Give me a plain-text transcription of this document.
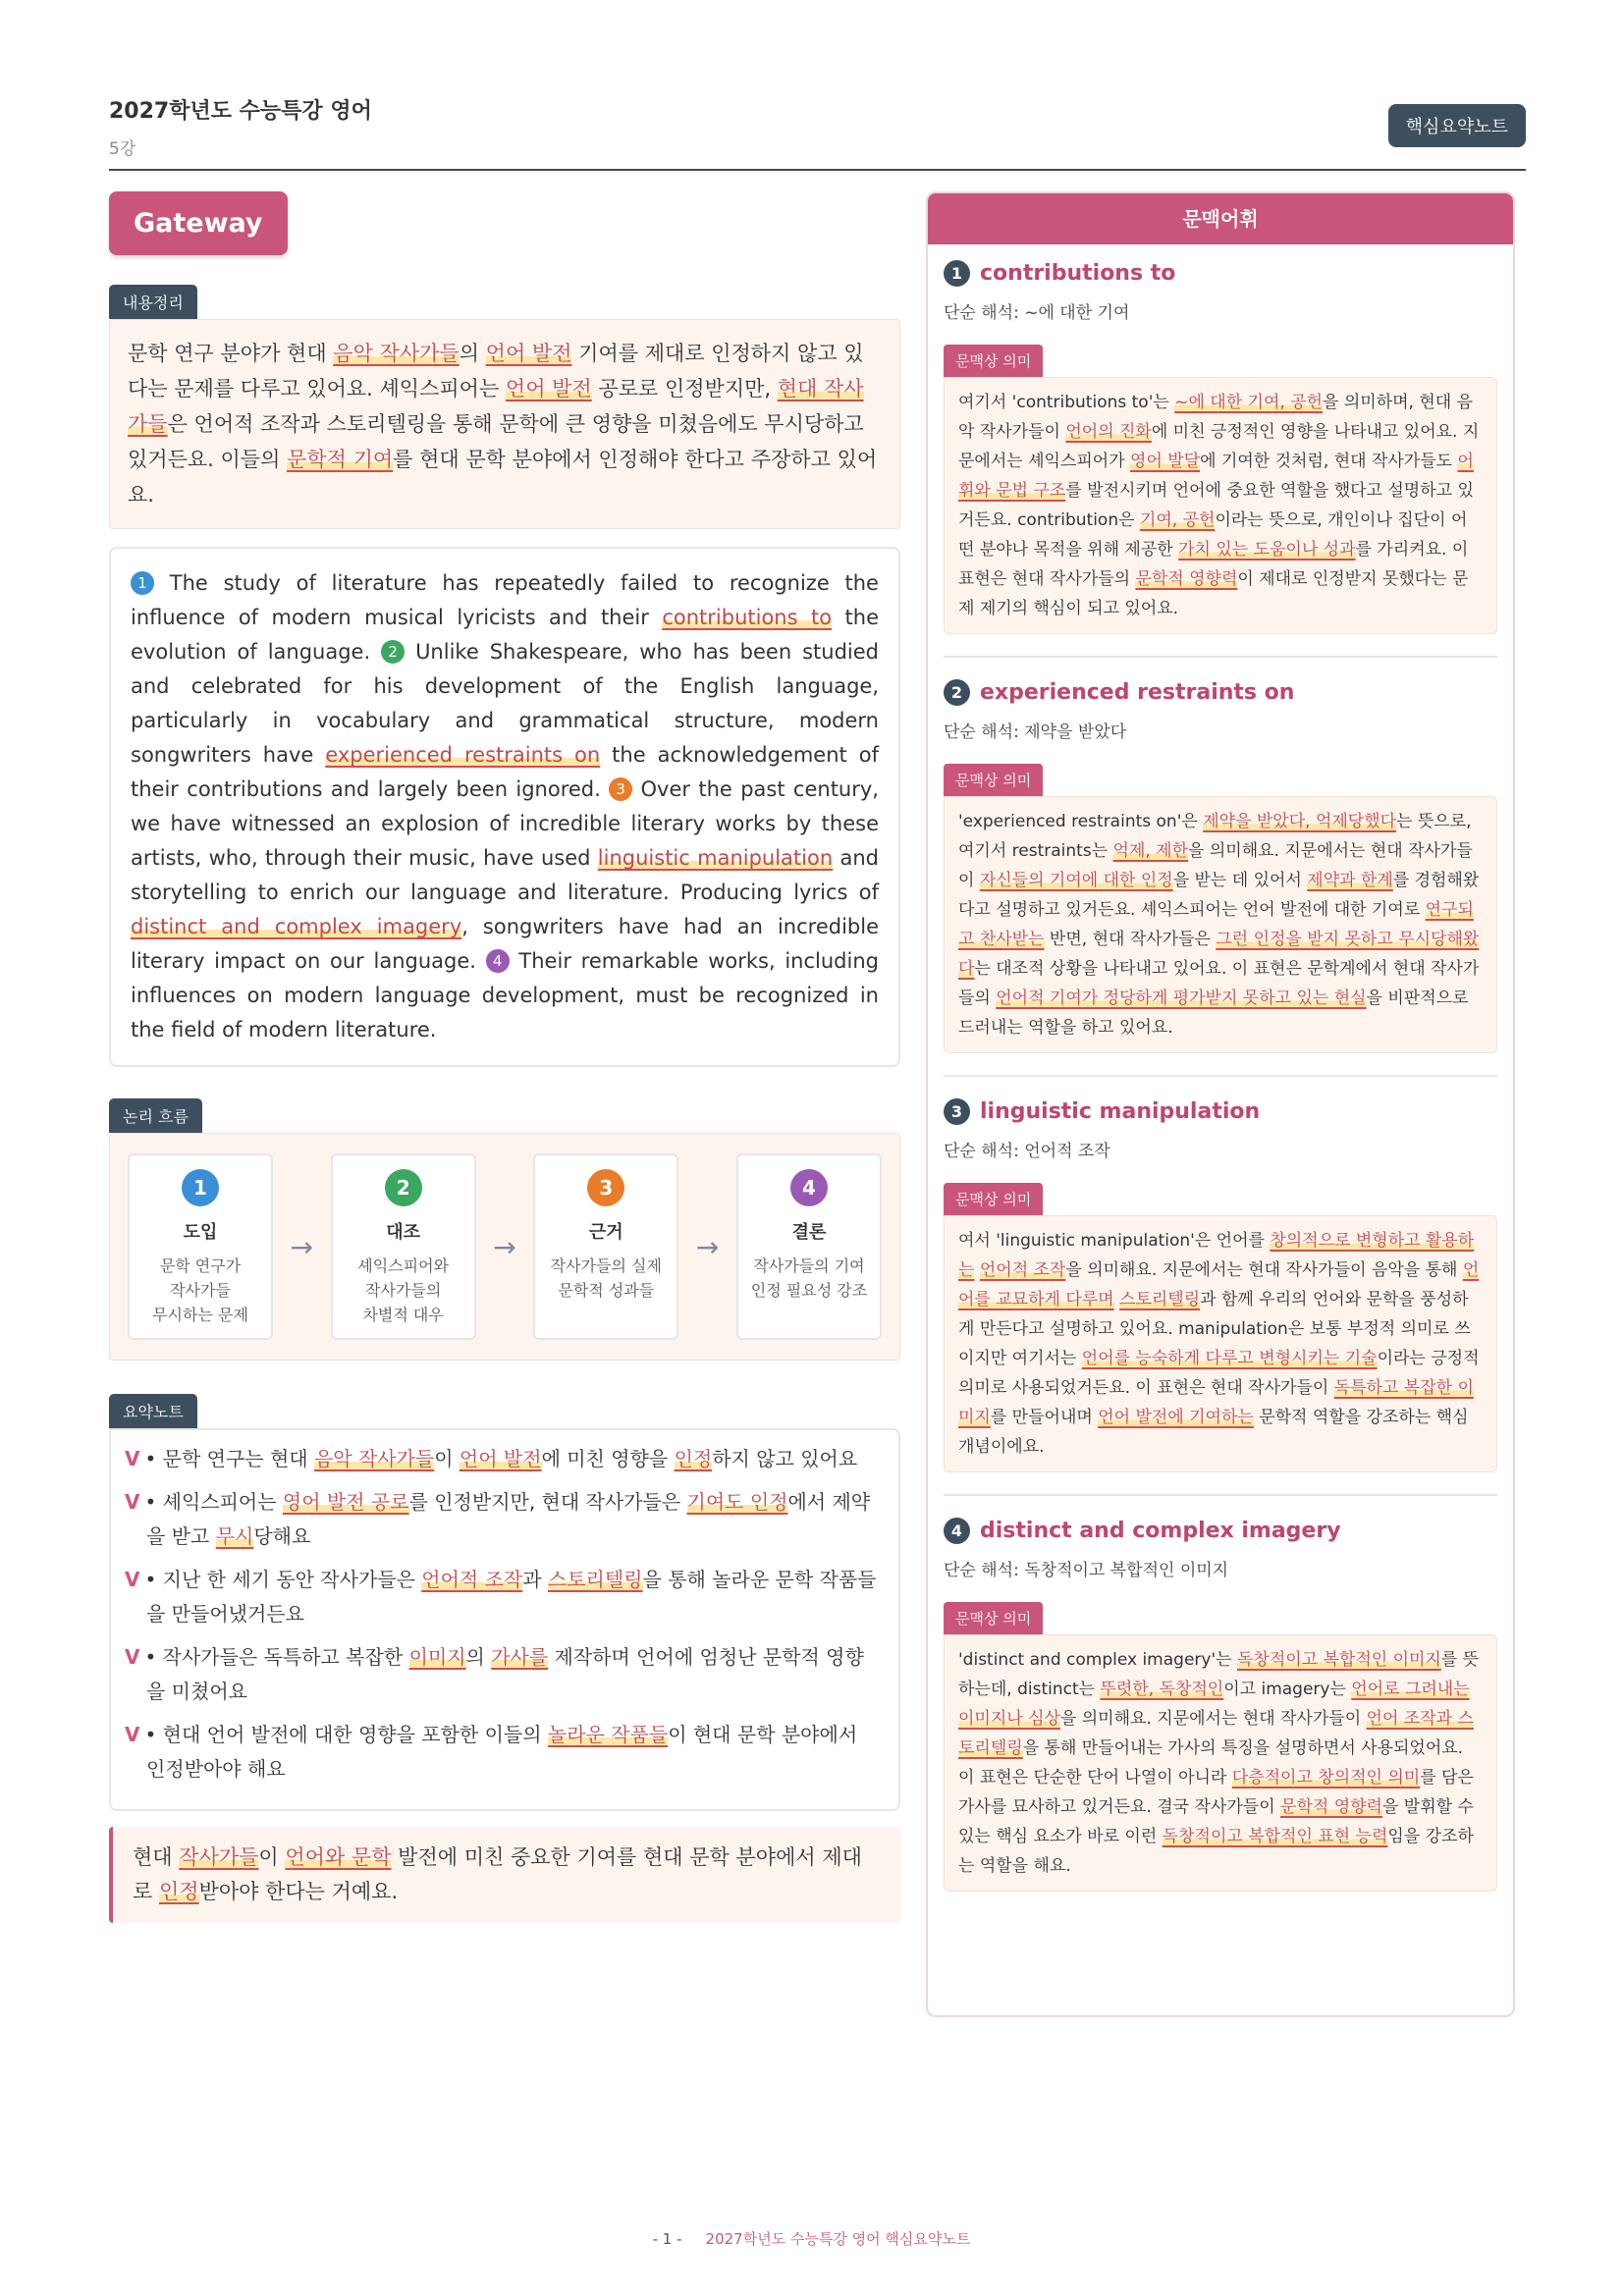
2027학년도 수능특강 영어
5강
핵심요약노트
Gateway
내용정리
문학 연구 분야가 현대 음악 작사가들의 언어 발전 기여를 제대로 인정하지 않고 있다는 문제를 다루고 있어요. 셰익스피어는 언어 발전 공로로 인정받지만, 현대 작사가들은 언어적 조작과 스토리텔링을 통해 문학에 큰 영향을 미쳤음에도 무시당하고 있거든요. 이들의 문학적 기여를 현대 문학 분야에서 인정해야 한다고 주장하고 있어요.
1 The study of literature has repeatedly failed to recognize the influence of modern musical lyricists and their contributions to the evolution of language. 2 Unlike Shakespeare, who has been studied and celebrated for his development of the English language, particularly in vocabulary and grammatical structure, modern songwriters have experienced restraints on the acknowledgement of their contributions and largely been ignored. 3 Over the past century, we have witnessed an explosion of incredible literary works by these artists, who, through their music, have used linguistic manipulation and storytelling to enrich our language and literature. Producing lyrics of distinct and complex imagery, songwriters have had an incredible literary impact on our language. 4 Their remarkable works, including influences on modern language development, must be recognized in the field of modern literature.
논리 흐름
1
도입
문학 연구가
작사가들
무시하는 문제
→
2
대조
셰익스피어와
작사가들의
차별적 대우
→
3
근거
작사가들의 실제
문학적 성과들
→
4
결론
작사가들의 기여
인정 필요성 강조
요약노트
V • 문학 연구는 현대 음악 작사가들이 언어 발전에 미친 영향을 인정하지 않고 있어요
V • 셰익스피어는 영어 발전 공로를 인정받지만, 현대 작사가들은 기여도 인정에서 제약을 받고 무시당해요
V • 지난 한 세기 동안 작사가들은 언어적 조작과 스토리텔링을 통해 놀라운 문학 작품들을 만들어냈거든요
V • 작사가들은 독특하고 복잡한 이미지의 가사를 제작하며 언어에 엄청난 문학적 영향을 미쳤어요
V • 현대 언어 발전에 대한 영향을 포함한 이들의 놀라운 작품들이 현대 문학 분야에서 인정받아야 해요
현대 작사가들이 언어와 문학 발전에 미친 중요한 기여를 현대 문학 분야에서 제대로 인정받아야 한다는 거예요.
문맥어휘
1 contributions to
단순 해석: ~에 대한 기여
문맥상 의미
여기서 'contributions to'는 ~에 대한 기여, 공헌을 의미하며, 현대 음악 작사가들이 언어의 진화에 미친 긍정적인 영향을 나타내고 있어요. 지문에서는 셰익스피어가 영어 발달에 기여한 것처럼, 현대 작사가들도 어휘와 문법 구조를 발전시키며 언어에 중요한 역할을 했다고 설명하고 있거든요. contribution은 기여, 공헌이라는 뜻으로, 개인이나 집단이 어떤 분야나 목적을 위해 제공한 가치 있는 도움이나 성과를 가리켜요. 이 표현은 현대 작사가들의 문학적 영향력이 제대로 인정받지 못했다는 문제 제기의 핵심이 되고 있어요.
2 experienced restraints on
단순 해석: 제약을 받았다
문맥상 의미
'experienced restraints on'은 제약을 받았다, 억제당했다는 뜻으로, 여기서 restraints는 억제, 제한을 의미해요. 지문에서는 현대 작사가들이 자신들의 기여에 대한 인정을 받는 데 있어서 제약과 한계를 경험해왔다고 설명하고 있거든요. 셰익스피어는 언어 발전에 대한 기여로 연구되고 찬사받는 반면, 현대 작사가들은 그런 인정을 받지 못하고 무시당해왔다는 대조적 상황을 나타내고 있어요. 이 표현은 문학계에서 현대 작사가들의 언어적 기여가 정당하게 평가받지 못하고 있는 현실을 비판적으로 드러내는 역할을 하고 있어요.
3 linguistic manipulation
단순 해석: 언어적 조작
문맥상 의미
여서 'linguistic manipulation'은 언어를 창의적으로 변형하고 활용하는 언어적 조작을 의미해요. 지문에서는 현대 작사가들이 음악을 통해 언어를 교묘하게 다루며 스토리텔링과 함께 우리의 언어와 문학을 풍성하게 만든다고 설명하고 있어요. manipulation은 보통 부정적 의미로 쓰이지만 여기서는 언어를 능숙하게 다루고 변형시키는 기술이라는 긍정적 의미로 사용되었거든요. 이 표현은 현대 작사가들이 독특하고 복잡한 이미지를 만들어내며 언어 발전에 기여하는 문학적 역할을 강조하는 핵심 개념이에요.
4 distinct and complex imagery
단순 해석: 독창적이고 복합적인 이미지
문맥상 의미
'distinct and complex imagery'는 독창적이고 복합적인 이미지를 뜻하는데, distinct는 뚜렷한, 독창적인이고 imagery는 언어로 그려내는 이미지나 심상을 의미해요. 지문에서는 현대 작사가들이 언어 조작과 스토리텔링을 통해 만들어내는 가사의 특징을 설명하면서 사용되었어요. 이 표현은 단순한 단어 나열이 아니라 다층적이고 창의적인 의미를 담은 가사를 묘사하고 있거든요. 결국 작사가들이 문학적 영향력을 발휘할 수 있는 핵심 요소가 바로 이런 독창적이고 복합적인 표현 능력임을 강조하는 역할을 해요.
- 1 - 2027학년도 수능특강 영어 핵심요약노트
